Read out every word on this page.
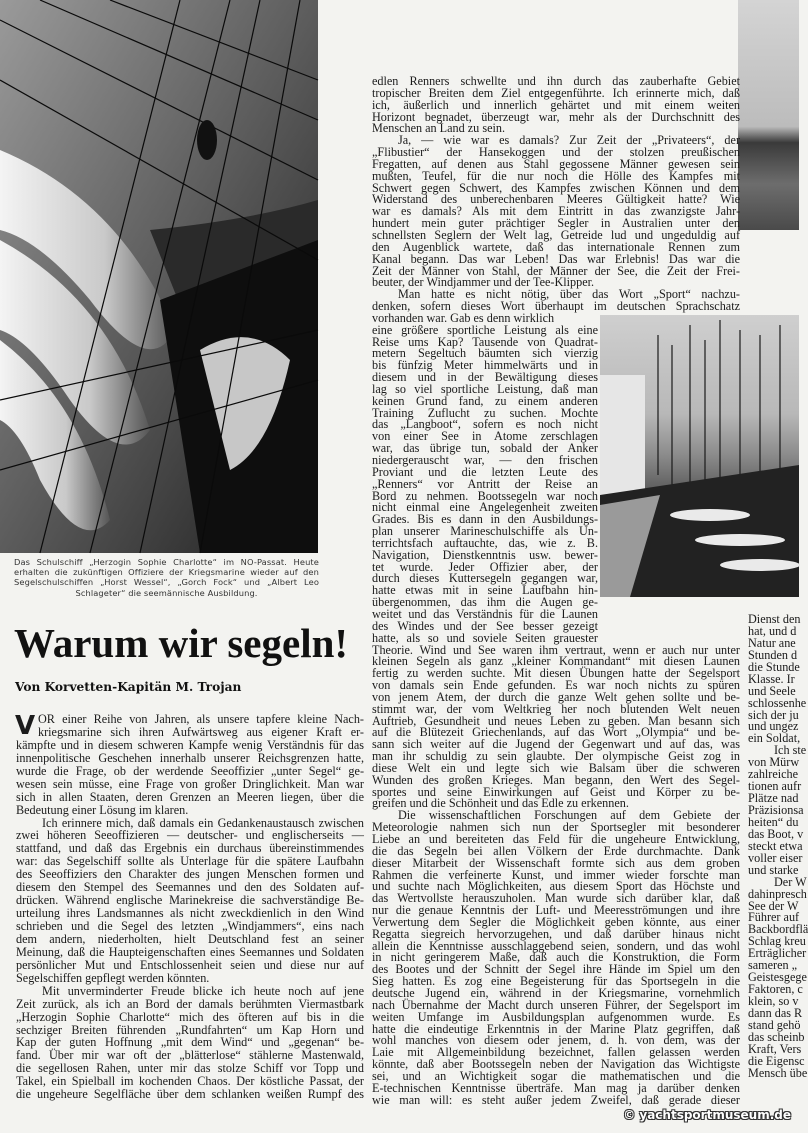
Das Schulschiff „Herzogin Sophie Charlotte“ im NO-Passat. Heute erhalten die zukünftigen Offiziere der Kriegsmarine wieder auf den Segelschulschiffen „Horst Wessel“, „Gorch Fock“ und „Albert Leo Schlageter“ die seemännische Ausbildung.
Warum wir segeln!
Von Korvetten-Kapitän M. Trojan
OR einer Reihe von Jahren, als unsere tapfere kleine Nach-
kriegsmarine sich ihren Aufwärtsweg aus eigener Kraft er-
kämpfte und in diesem schweren Kampfe wenig Verständnis für das
innenpolitische Geschehen innerhalb unserer Reichsgrenzen hatte,
wurde die Frage, ob der werdende Seeoffizier „unter Segel“ ge-
wesen sein müsse, eine Frage von großer Dringlichkeit. Man war
sich in allen Staaten, deren Grenzen an Meeren liegen, über die
Bedeutung einer Lösung im klaren.
V
Ich erinnere mich, daß damals ein Gedankenaustausch zwischen
zwei höheren Seeoffizieren — deutscher- und englischerseits —
stattfand, und daß das Ergebnis ein durchaus übereinstimmendes
war: das Segelschiff sollte als Unterlage für die spätere Laufbahn
des Seeoffiziers den Charakter des jungen Menschen formen und
diesem den Stempel des Seemannes und den des Soldaten auf-
drücken. Während englische Marinekreise die sachverständige Be-
urteilung ihres Landsmannes als nicht zweckdienlich in den Wind
schrieben und die Segel des letzten „Windjammers“, eins nach
dem andern, niederholten, hielt Deutschland fest an seiner
Meinung, daß die Haupteigenschaften eines Seemannes und Soldaten
persönlicher Mut und Entschlossenheit seien und diese nur auf
Segelschiffen gepflegt werden könnten.
Mit unverminderter Freude blicke ich heute noch auf jene
Zeit zurück, als ich an Bord der damals berühmten Viermastbark
„Herzogin Sophie Charlotte“ mich des öfteren auf bis in die
sechziger Breiten führenden „Rundfahrten“ um Kap Horn und
Kap der guten Hoffnung „mit dem Wind“ und „gegenan“ be-
fand. Über mir war oft der „blätterlose“ stählerne Mastenwald,
die segellosen Rahen, unter mir das stolze Schiff vor Topp und
Takel, ein Spielball im kochenden Chaos. Der köstliche Passat, der
die ungeheure Segelfläche über dem schlanken weißen Rumpf des
edlen Renners schwellte und ihn durch das zauberhafte Gebiet
tropischer Breiten dem Ziel entgegenführte. Ich erinnerte mich, daß
ich, äußerlich und innerlich gehärtet und mit einem weiten
Horizont begnadet, überzeugt war, mehr als der Durchschnitt des
Menschen an Land zu sein.
Ja, — wie war es damals? Zur Zeit der „Privateers“, der
„Flibustier“ der Hansekoggen und der stolzen preußischen
Fregatten, auf denen aus Stahl gegossene Männer gewesen sein
mußten, Teufel, für die nur noch die Hölle des Kampfes mit
Schwert gegen Schwert, des Kampfes zwischen Können und dem
Widerstand des unberechenbaren Meeres Gültigkeit hatte? Wie
war es damals? Als mit dem Eintritt in das zwanzigste Jahr-
hundert mein guter prächtiger Segler in Australien unter den
schnellsten Seglern der Welt lag, Getreide lud und ungeduldig auf
den Augenblick wartete, daß das internationale Rennen zum
Kanal begann. Das war Leben! Das war Erlebnis! Das war die
Zeit der Männer von Stahl, der Männer der See, die Zeit der Frei-
beuter, der Windjammer und der Tee-Klipper.
Man hatte es nicht nötig, über das Wort „Sport“ nachzu-
denken, sofern dieses Wort überhaupt im deutschen Sprachschatz
vorhanden war. Gab es denn wirklich
eine größere sportliche Leistung als eine
Reise ums Kap? Tausende von Quadrat-
metern Segeltuch bäumten sich vierzig
bis fünfzig Meter himmelwärts und in
diesem und in der Bewältigung dieses
lag so viel sportliche Leistung, daß man
keinen Grund fand, zu einem anderen
Training Zuflucht zu suchen. Mochte
das „Langboot“, sofern es noch nicht
von einer See in Atome zerschlagen
war, das übrige tun, sobald der Anker
niedergerauscht war, — den frischen
Proviant und die letzten Leute des
„Renners“ vor Antritt der Reise an
Bord zu nehmen. Bootssegeln war noch
nicht einmal eine Angelegenheit zweiten
Grades. Bis es dann in den Ausbildungs-
plan unserer Marineschulschiffe als Un-
terrichtsfach auftauchte, das, wie z. B.
Navigation, Dienstkenntnis usw. bewer-
tet wurde. Jeder Offizier aber, der
durch dieses Kuttersegeln gegangen war,
hatte etwas mit in seine Laufbahn hin-
übergenommen, das ihm die Augen ge-
weitet und das Verständnis für die Launen
des Windes und der See besser gezeigt
hatte, als so und soviele Seiten grauester
Theorie. Wind und See waren ihm vertraut, wenn er auch nur unter
kleinen Segeln als ganz „kleiner Kommandant“ mit diesen Launen
fertig zu werden suchte. Mit diesen Übungen hatte der Segelsport
von damals sein Ende gefunden. Es war noch nichts zu spüren
von jenem Atem, der durch die ganze Welt gehen sollte und be-
stimmt war, der vom Weltkrieg her noch blutenden Welt neuen
Auftrieb, Gesundheit und neues Leben zu geben. Man besann sich
auf die Blütezeit Griechenlands, auf das Wort „Olympia“ und be-
sann sich weiter auf die Jugend der Gegenwart und auf das, was
man ihr schuldig zu sein glaubte. Der olympische Geist zog in
diese Welt ein und legte sich wie Balsam über die schweren
Wunden des großen Krieges. Man begann, den Wert des Segel-
sportes und seine Einwirkungen auf Geist und Körper zu be-
greifen und die Schönheit und das Edle zu erkennen.
Die wissenschaftlichen Forschungen auf dem Gebiete der
Meteorologie nahmen sich nun der Sportsegler mit besonderer
Liebe an und bereiteten das Feld für die ungeheure Entwicklung,
die das Segeln bei allen Völkern der Erde durchmachte. Dank
dieser Mitarbeit der Wissenschaft formte sich aus dem groben
Rahmen die verfeinerte Kunst, und immer wieder forschte man
und suchte nach Möglichkeiten, aus diesem Sport das Höchste und
das Wertvollste herauszuholen. Man wurde sich darüber klar, daß
nur die genaue Kenntnis der Luft- und Meeresströmungen und ihre
Verwertung dem Segler die Möglichkeit geben könnte, aus einer
Regatta siegreich hervorzugehen, und daß darüber hinaus nicht
allein die Kenntnisse ausschlaggebend seien, sondern, und das wohl
in nicht geringerem Maße, daß auch die Konstruktion, die Form
des Bootes und der Schnitt der Segel ihre Hände im Spiel um den
Sieg hatten. Es zog eine Begeisterung für das Sportsegeln in die
deutsche Jugend ein, während in der Kriegsmarine, vornehmlich
nach Übernahme der Macht durch unseren Führer, der Segelsport im
weiten Umfange im Ausbildungsplan aufgenommen wurde. Es
hatte die eindeutige Erkenntnis in der Marine Platz gegriffen, daß
wohl manches von diesem oder jenem, d. h. von dem, was der
Laie mit Allgemeinbildung bezeichnet, fallen gelassen werden
könnte, daß aber Bootssegeln neben der Navigation das Wichtigste
sei, und an Wichtigkeit sogar die mathematischen und die
E-technischen Kenntnisse überträfe. Man mag ja darüber denken
wie man will: es steht außer jedem Zweifel, daß gerade dieser
Dienst den
hat, und d
Natur ane
Stunden d
die Stunde
Klasse. Ir
und Seele
schlossenhe
sich der ju
und ungez
ein Soldat,
Ich ste
von Mürw
zahlreiche
tionen aufr
Plätze nad
Präzisionsa
heiten“ du
das Boot, v
steckt etwa
voller eiser
und starke
Der W
dahinpresch
See der W
Führer auf
Backbordflä
Schlag kreu
Erträglicher
sameren „
Geistesgege
Faktoren, c
klein, so v
dann das R
stand gehö
das scheinb
Kraft, Vers
die Eigensc
Mensch übe
© yachtsportmuseum.de
